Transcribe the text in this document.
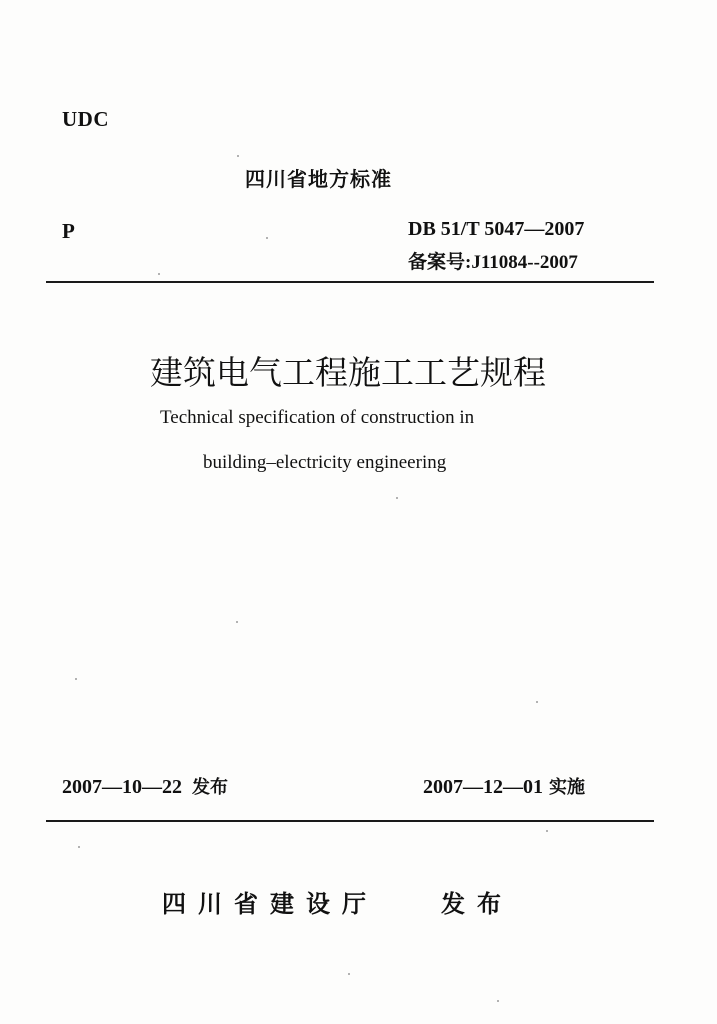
UDC
四川省地方标准
P	DB 51/T 5047—2007
备案号:J11084--2007
建筑电气工程施工工艺规程
Technical specification of construction in
building–electricity engineering
2007—10—22 发布	2007—12—01 实施
四川省建设厅	发布
